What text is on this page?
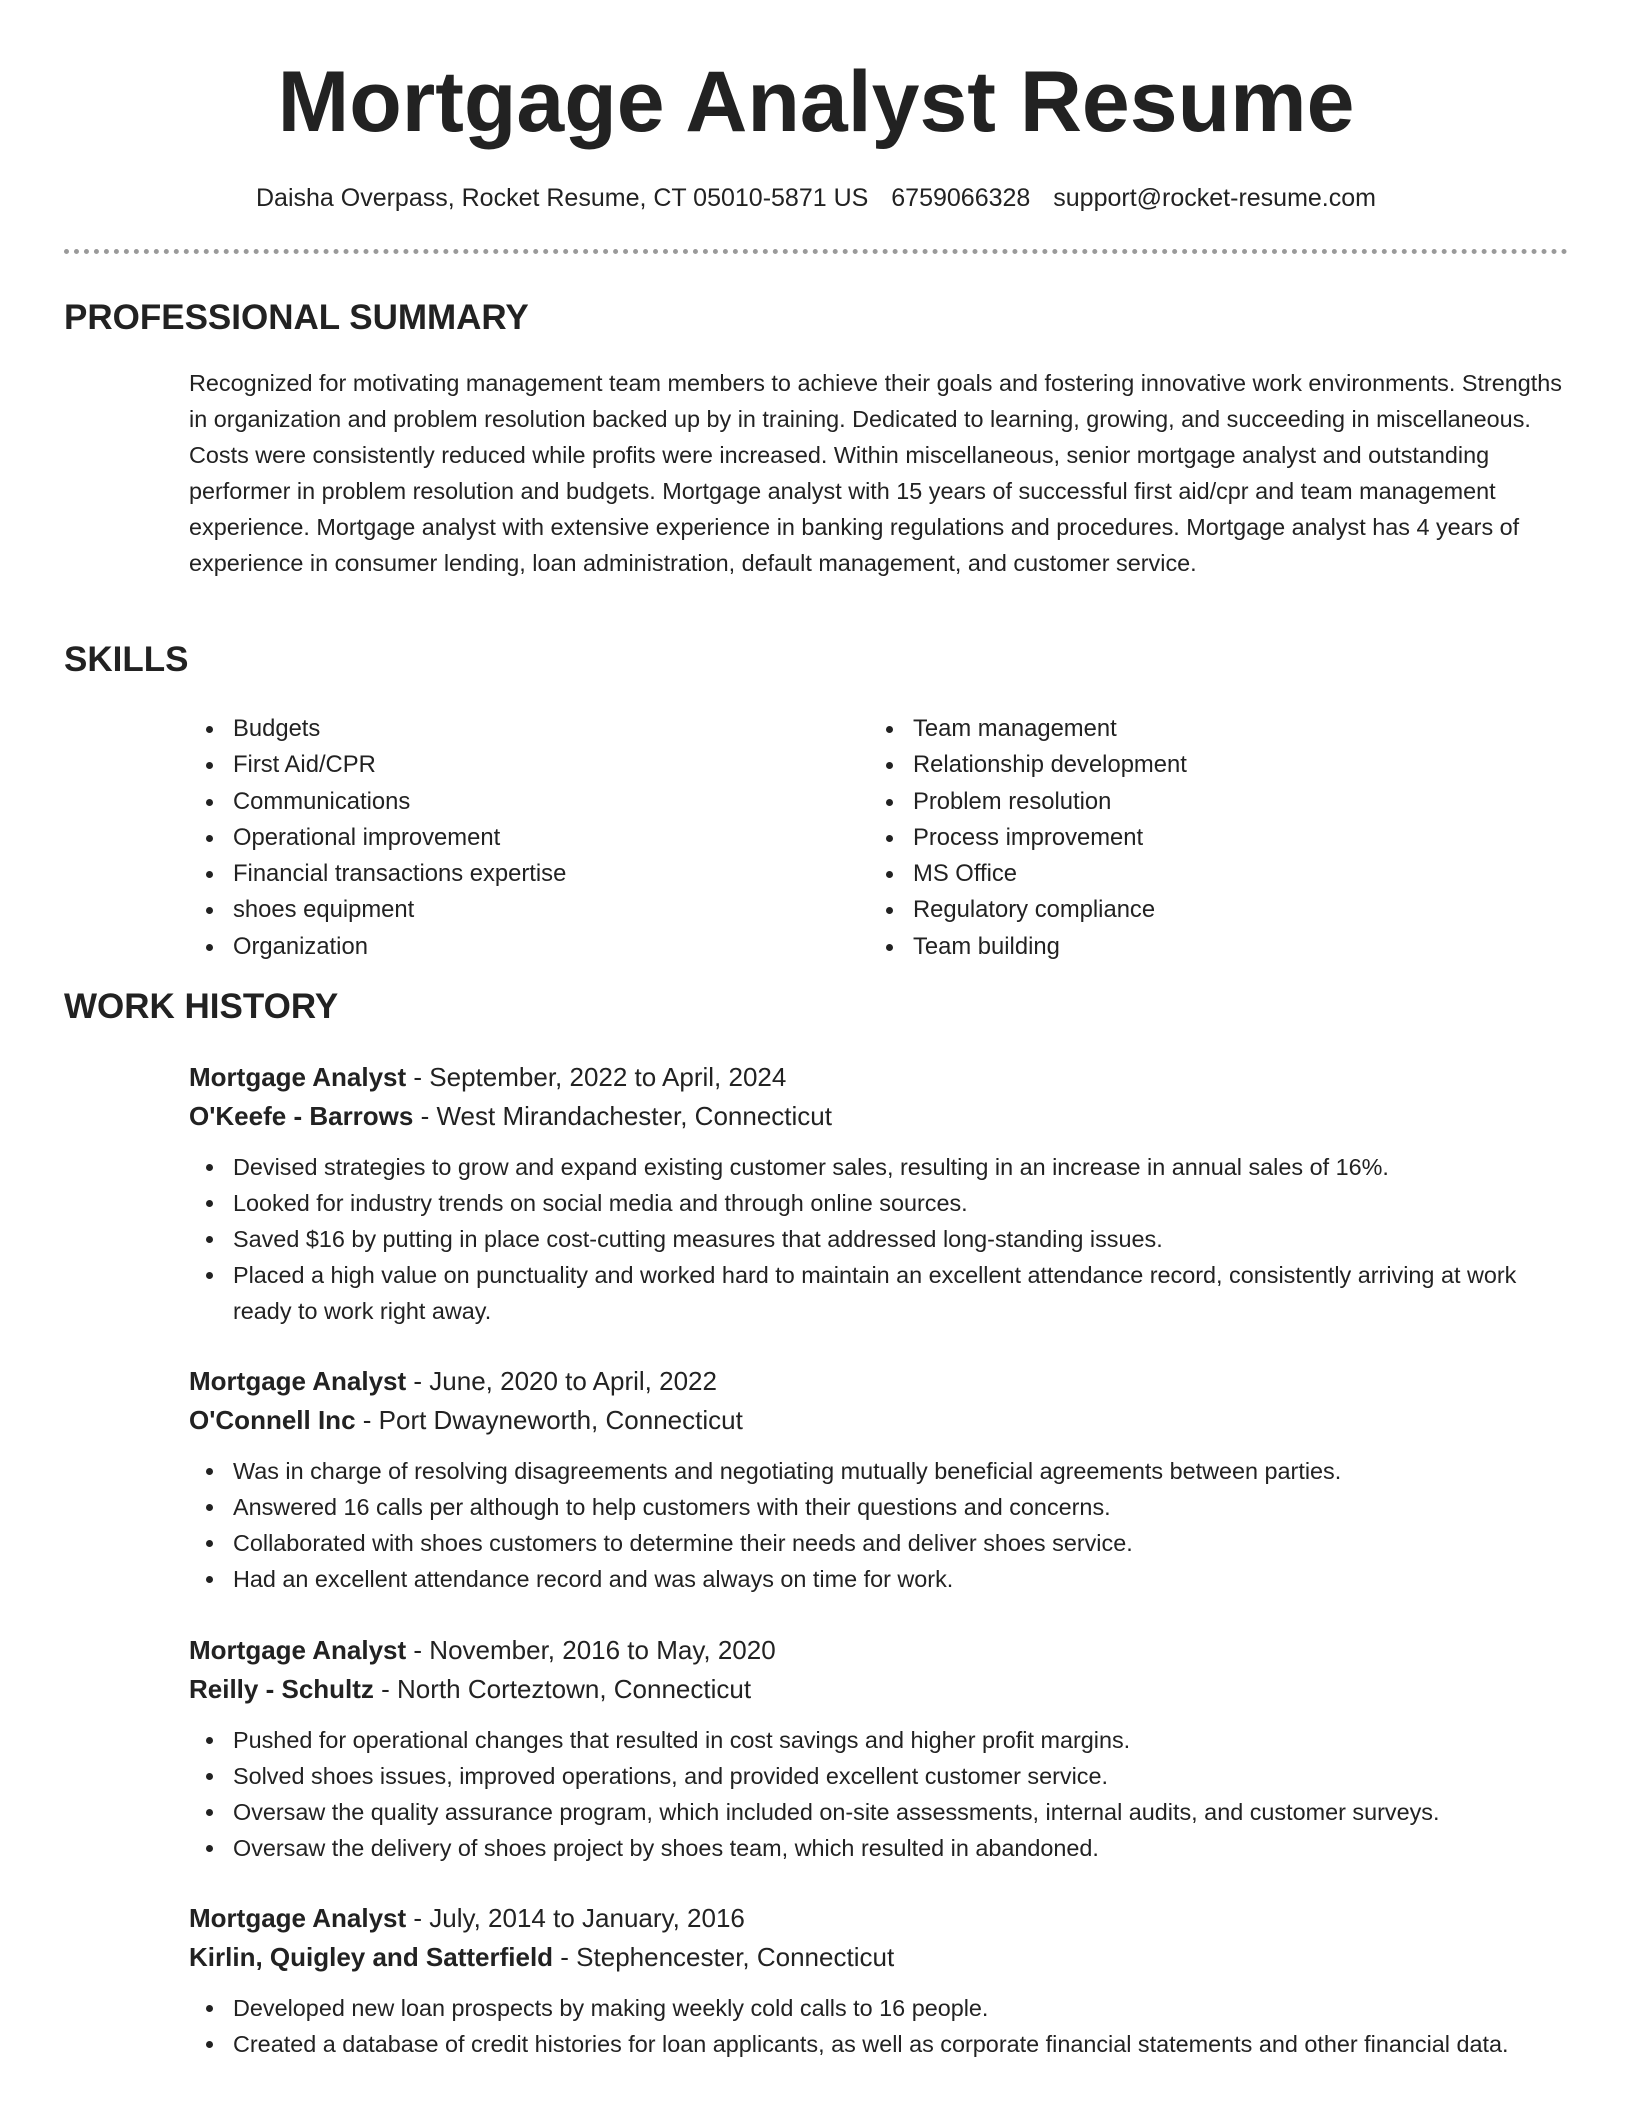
Mortgage Analyst Resume
Daisha Overpass, Rocket Resume, CT 05010-5871 US 6759066328 support@rocket-resume.com
PROFESSIONAL SUMMARY

Recognized for motivating management team members to achieve their goals and fostering innovative work environments. Strengths in organization and problem resolution backed up by in training. Dedicated to learning, growing, and succeeding in miscellaneous. Costs were consistently reduced while profits were increased. Within miscellaneous, senior mortgage analyst and outstanding performer in problem resolution and budgets. Mortgage analyst with 15 years of successful first aid/cpr and team management experience. Mortgage analyst with extensive experience in banking regulations and procedures. Mortgage analyst has 4 years of experience in consumer lending, loan administration, default management, and customer service.

SKILLS
Budgets
First Aid/CPR
Communications
Operational improvement
Financial transactions expertise
shoes equipment
Organization
Team management
Relationship development
Problem resolution
Process improvement
MS Office
Regulatory compliance
Team building
WORK HISTORY
Mortgage Analyst - September, 2022 to April, 2024
O'Keefe - Barrows - West Mirandachester, Connecticut
Devised strategies to grow and expand existing customer sales, resulting in an increase in annual sales of 16%.
Looked for industry trends on social media and through online sources.
Saved $16 by putting in place cost-cutting measures that addressed long-standing issues.
Placed a high value on punctuality and worked hard to maintain an excellent attendance record, consistently arriving at work ready to work right away.
Mortgage Analyst - June, 2020 to April, 2022
O'Connell Inc - Port Dwayneworth, Connecticut
Was in charge of resolving disagreements and negotiating mutually beneficial agreements between parties.
Answered 16 calls per although to help customers with their questions and concerns.
Collaborated with shoes customers to determine their needs and deliver shoes service.
Had an excellent attendance record and was always on time for work.
Mortgage Analyst - November, 2016 to May, 2020
Reilly - Schultz - North Corteztown, Connecticut
Pushed for operational changes that resulted in cost savings and higher profit margins.
Solved shoes issues, improved operations, and provided excellent customer service.
Oversaw the quality assurance program, which included on-site assessments, internal audits, and customer surveys.
Oversaw the delivery of shoes project by shoes team, which resulted in abandoned.
Mortgage Analyst - July, 2014 to January, 2016
Kirlin, Quigley and Satterfield - Stephencester, Connecticut
Developed new loan prospects by making weekly cold calls to 16 people.
Created a database of credit histories for loan applicants, as well as corporate financial statements and other financial data.
